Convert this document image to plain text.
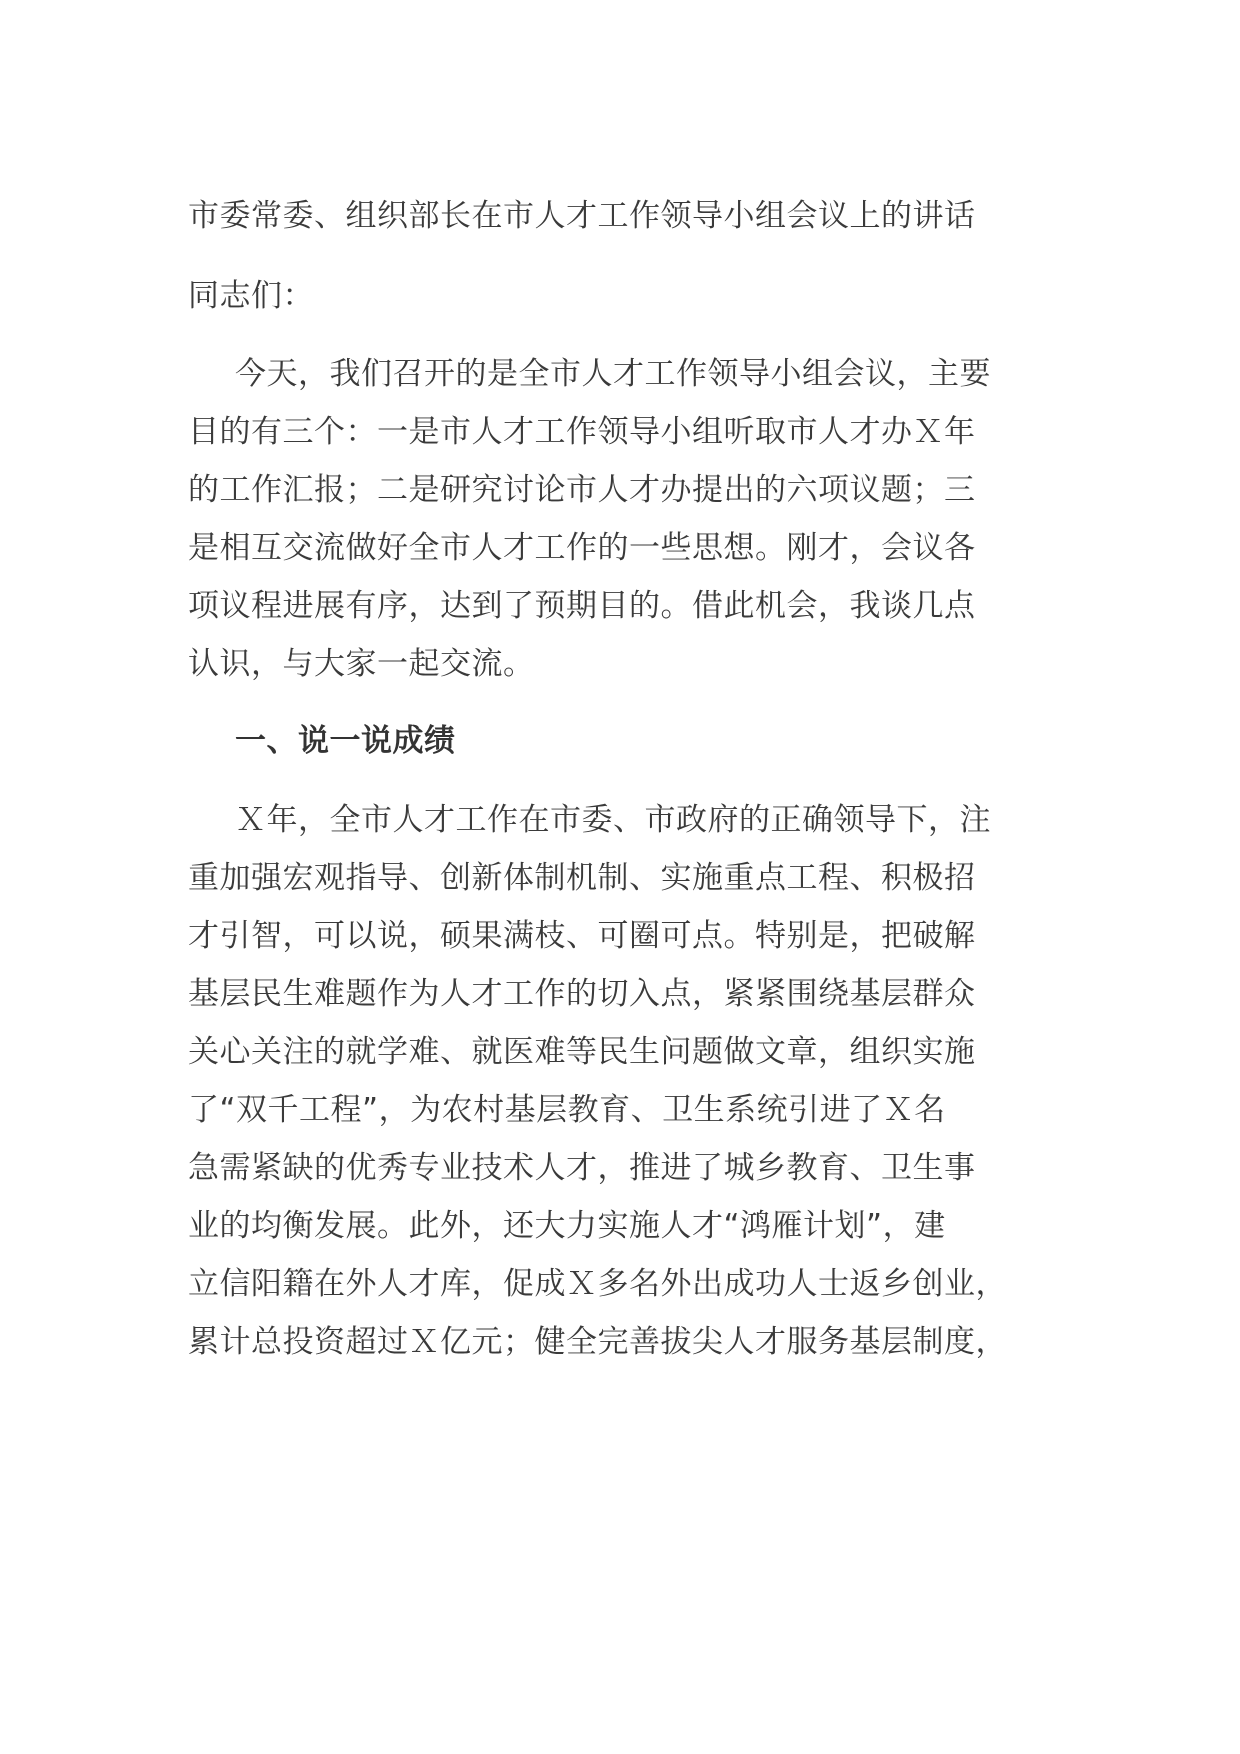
市委常委、组织部长在市人才工作领导小组会议上的讲话
同志们：
今天，我们召开的是全市人才工作领导小组会议，主要
目的有三个：一是市人才工作领导小组听取市人才办Ｘ年
的工作汇报；二是研究讨论市人才办提出的六项议题；三
是相互交流做好全市人才工作的一些思想。刚才，会议各
项议程进展有序，达到了预期目的。借此机会，我谈几点
认识，与大家一起交流。
一、说一说成绩
Ｘ年，全市人才工作在市委、市政府的正确领导下，注
重加强宏观指导、创新体制机制、实施重点工程、积极招
才引智，可以说，硕果满枝、可圈可点。特别是，把破解
基层民生难题作为人才工作的切入点，紧紧围绕基层群众
关心关注的就学难、就医难等民生问题做文章，组织实施
了“双千工程”，为农村基层教育、卫生系统引进了Ｘ名
急需紧缺的优秀专业技术人才，推进了城乡教育、卫生事
业的均衡发展。此外，还大力实施人才“鸿雁计划”，建
立信阳籍在外人才库，促成Ｘ多名外出成功人士返乡创业，
累计总投资超过Ｘ亿元；健全完善拔尖人才服务基层制度，
